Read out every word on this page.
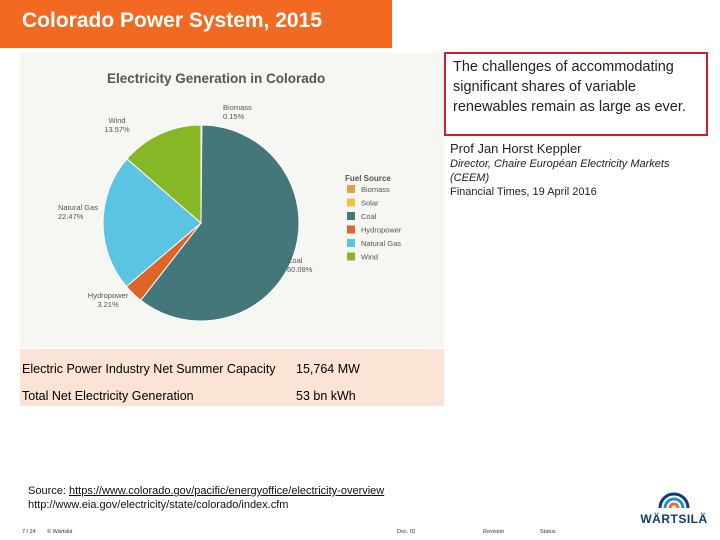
Colorado Power System, 2015
Electricity Generation in Colorado
Biomass
0.15%
Coal
60.08%
Hydropower
3.21%
Natural Gas
22.47%
Wind
13.57%
Fuel Source
Biomass
Solar
Coal
Hydropower
Natural Gas
Wind
The challenges of accommodating significant shares of variable renewables remain as large as ever.
Prof Jan Horst Keppler
Director, Chaire Européan Electricity Markets (CEEM)
Financial Times, 19 April 2016
Electric Power Industry Net Summer Capacity 15,764 MW
Total Net Electricity Generation	53 bn kWh
Source: https://www.colorado.gov/pacific/energyoffice/electricity-overview
http://www.eia.gov/electricity/state/colorado/index.cfm
7 / 24 © Wärtsilä	Doc. ID	Revision	Status
WÄRTSILÄ
